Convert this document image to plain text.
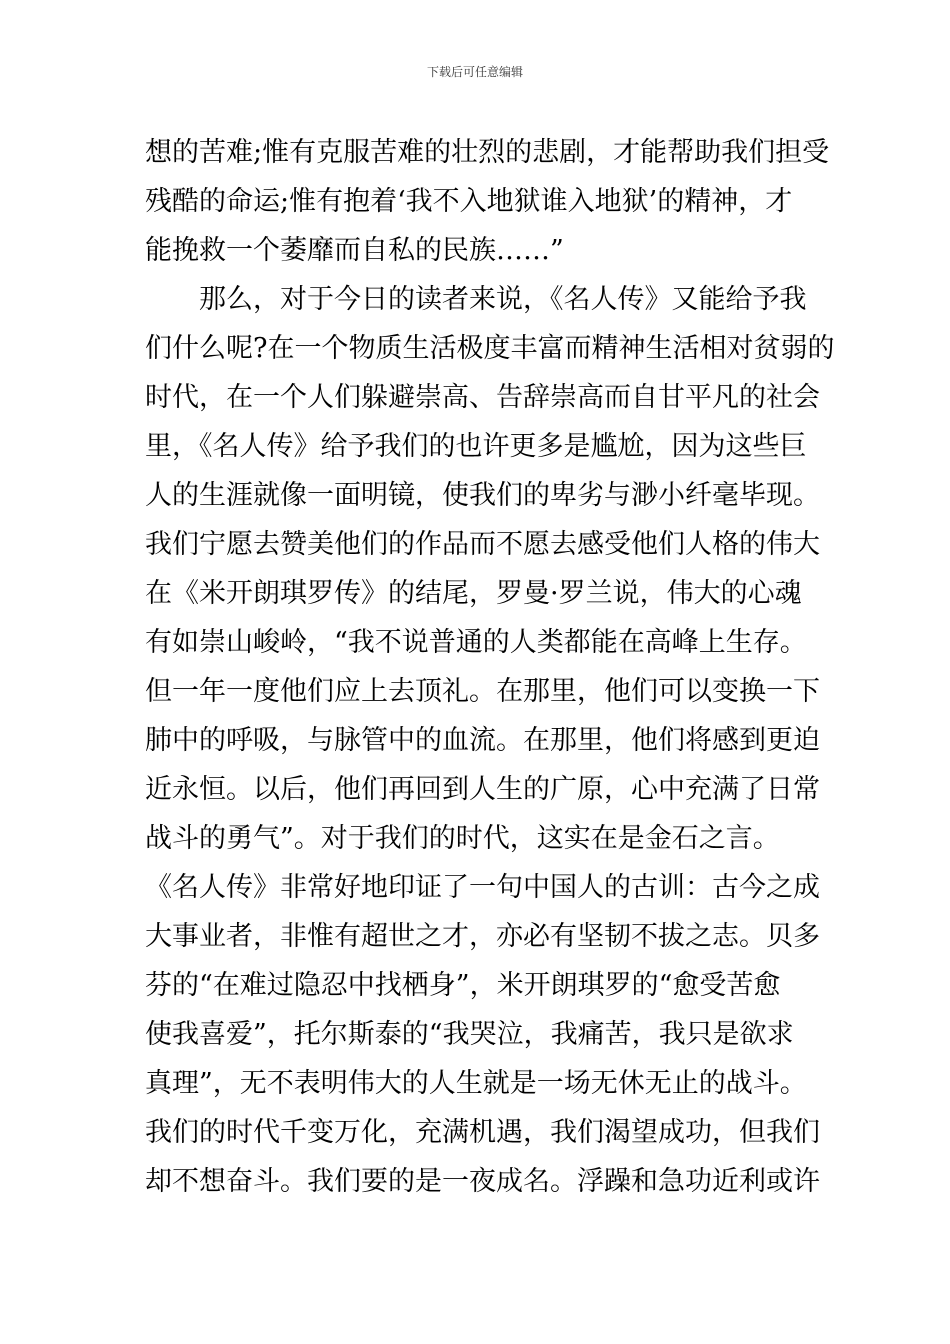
下载后可任意编辑
想的苦难;惟有克服苦难的壮烈的悲剧，才能帮助我们担受
残酷的命运;惟有抱着‘我不入地狱谁入地狱’的精神，才
能挽救一个萎靡而自私的民族……”
　　那么，对于今日的读者来说，《名人传》又能给予我
们什么呢?在一个物质生活极度丰富而精神生活相对贫弱的
时代，在一个人们躲避崇高、告辞崇高而自甘平凡的社会
里，《名人传》给予我们的也许更多是尴尬，因为这些巨
人的生涯就像一面明镜，使我们的卑劣与渺小纤毫毕现。
我们宁愿去赞美他们的作品而不愿去感受他们人格的伟大
在《米开朗琪罗传》的结尾，罗曼·罗兰说，伟大的心魂
有如崇山峻岭，“我不说普通的人类都能在高峰上生存。
但一年一度他们应上去顶礼。在那里，他们可以变换一下
肺中的呼吸，与脉管中的血流。在那里，他们将感到更迫
近永恒。以后，他们再回到人生的广原，心中充满了日常
战斗的勇气”。对于我们的时代，这实在是金石之言。
《名人传》非常好地印证了一句中国人的古训：古今之成
大事业者，非惟有超世之才，亦必有坚韧不拔之志。贝多
芬的“在难过隐忍中找栖身”，米开朗琪罗的“愈受苦愈
使我喜爱”，托尔斯泰的“我哭泣，我痛苦，我只是欲求
真理”，无不表明伟大的人生就是一场无休无止的战斗。
我们的时代千变万化，充满机遇，我们渴望成功，但我们
却不想奋斗。我们要的是一夜成名。浮躁和急功近利或许
